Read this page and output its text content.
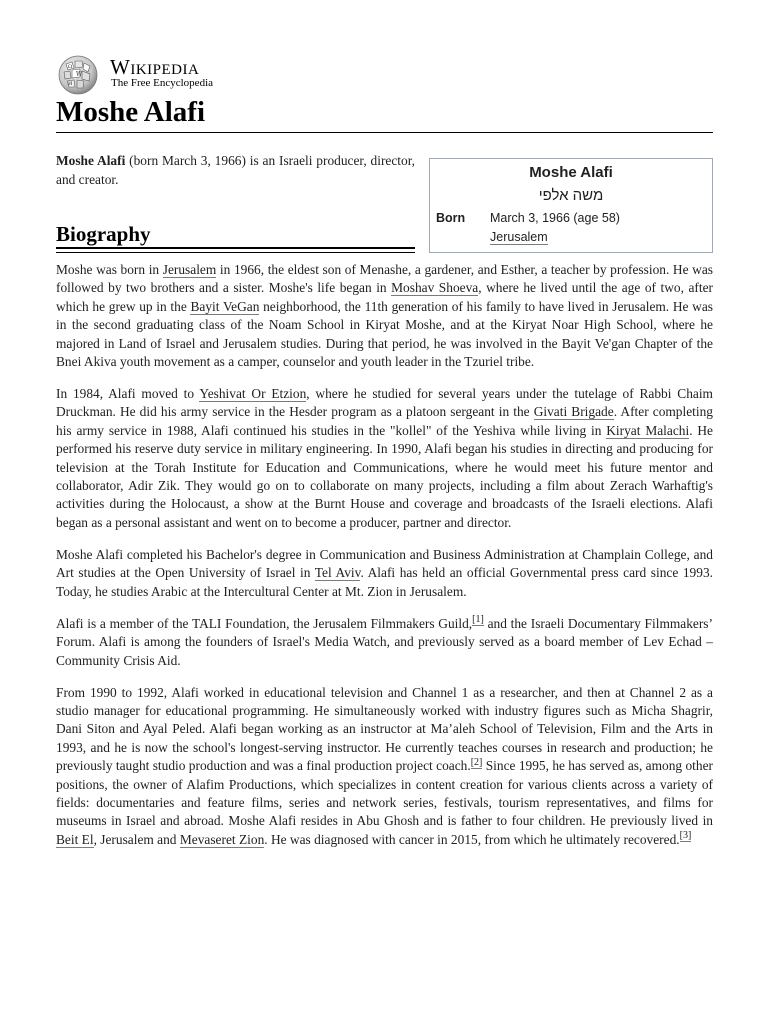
Ω
W
И
Wikipedia
The Free Encyclopedia
Moshe Alafi
Moshe Alafi (born March 3, 1966) is an Israeli producer, director, and creator.	Moshe Alafi
משה אלפי
Born March 3, 1966 (age 58)
Jerusalem
Biography

Moshe was born in Jerusalem in 1966, the eldest son of Menashe, a gardener, and Esther, a teacher by profession. He was followed by two brothers and a sister. Moshe's life began in Moshav Shoeva, where he lived until the age of two, after which he grew up in the Bayit VeGan neighborhood, the 11th generation of his family to have lived in Jerusalem. He was in the second graduating class of the Noam School in Kiryat Moshe, and at the Kiryat Noar High School, where he majored in Land of Israel and Jerusalem studies. During that period, he was involved in the Bayit Ve'gan Chapter of the Bnei Akiva youth movement as a camper, counselor and youth leader in the Tzuriel tribe.

In 1984, Alafi moved to Yeshivat Or Etzion, where he studied for several years under the tutelage of Rabbi Chaim Druckman. He did his army service in the Hesder program as a platoon sergeant in the Givati Brigade. After completing his army service in 1988, Alafi continued his studies in the "kollel" of the Yeshiva while living in Kiryat Malachi. He performed his reserve duty service in military engineering. In 1990, Alafi began his studies in directing and producing for television at the Torah Institute for Education and Communications, where he would meet his future mentor and collaborator, Adir Zik. They would go on to collaborate on many projects, including a film about Zerach Warhaftig's activities during the Holocaust, a show at the Burnt House and coverage and broadcasts of the Israeli elections. Alafi began as a personal assistant and went on to become a producer, partner and director.

Moshe Alafi completed his Bachelor's degree in Communication and Business Administration at Champlain College, and Art studies at the Open University of Israel in Tel Aviv. Alafi has held an official Governmental press card since 1993. Today, he studies Arabic at the Intercultural Center at Mt. Zion in Jerusalem.

Alafi is a member of the TALI Foundation, the Jerusalem Filmmakers Guild,[1] and the Israeli Documentary Filmmakers’ Forum. Alafi is among the founders of Israel's Media Watch, and previously served as a board member of Lev Echad – Community Crisis Aid.

From 1990 to 1992, Alafi worked in educational television and Channel 1 as a researcher, and then at Channel 2 as a studio manager for educational programming. He simultaneously worked with industry figures such as Micha Shagrir, Dani Siton and Ayal Peled. Alafi began working as an instructor at Ma’aleh School of Television, Film and the Arts in 1993, and he is now the school's longest-serving instructor. He currently teaches courses in research and production; he previously taught studio production and was a final production project coach.[2] Since 1995, he has served as, among other positions, the owner of Alafim Productions, which specializes in content creation for various clients across a variety of fields: documentaries and feature films, series and network series, festivals, tourism representatives, and films for museums in Israel and abroad. Moshe Alafi resides in Abu Ghosh and is father to four children. He previously lived in Beit El, Jerusalem and Mevaseret Zion. He was diagnosed with cancer in 2015, from which he ultimately recovered.[3]
